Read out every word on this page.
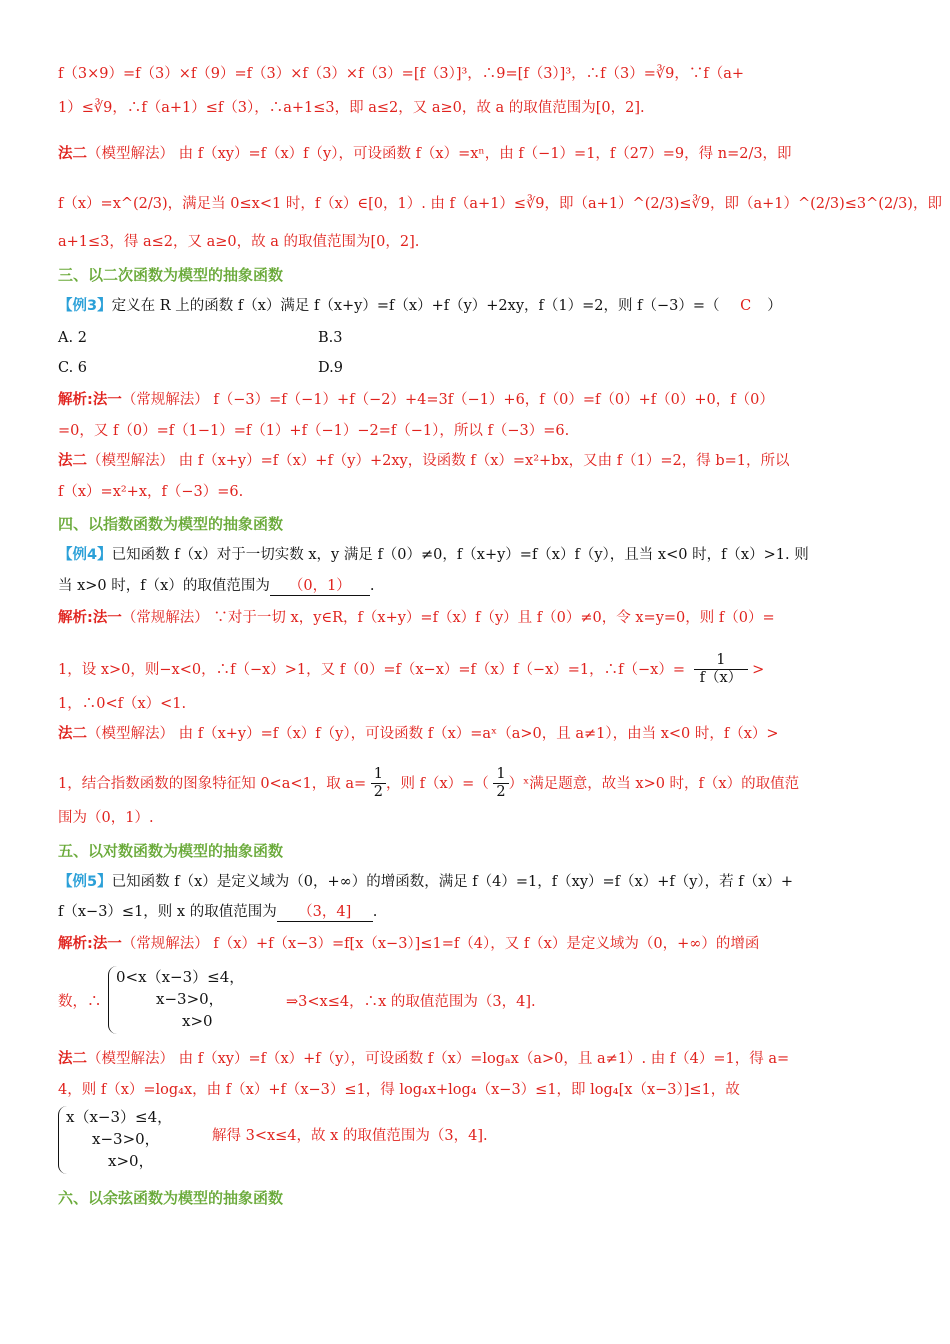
f（3×9）=f（3）×f（9）=f（3）×f（3）×f（3）=[f（3）]³，∴9=[f（3）]³，∴f（3）=∛9，∵f（a+
1）≤∛9，∴f（a+1）≤f（3），∴a+1≤3，即 a≤2，又 a≥0，故 a 的取值范围为[0，2].
法二（模型解法） 由 f（xy）=f（x）f（y），可设函数 f（x）=xⁿ，由 f（−1）=1，f（27）=9，得 n=2/3，即
f（x）=x^(2/3)，满足当 0≤x<1 时，f（x）∈[0，1）. 由 f（a+1）≤∛9，即（a+1）^(2/3)≤∛9，即（a+1）^(2/3)≤3^(2/3)，即
a+1≤3，得 a≤2，又 a≥0，故 a 的取值范围为[0，2].
三、以二次函数为模型的抽象函数
【例3】定义在 R 上的函数 f（x）满足 f（x+y）=f（x）+f（y）+2xy，f（1）=2，则 f（−3）=（ C ）
A. 2	B.3
C. 6	D.9
解析:法一（常规解法） f（−3）=f（−1）+f（−2）+4=3f（−1）+6，f（0）=f（0）+f（0）+0，f（0）
=0，又 f（0）=f（1−1）=f（1）+f（−1）−2=f（−1），所以 f（−3）=6.
法二（模型解法） 由 f（x+y）=f（x）+f（y）+2xy，设函数 f（x）=x²+bx，又由 f（1）=2，得 b=1，所以
f（x）=x²+x，f（−3）=6.
四、以指数函数为模型的抽象函数
【例4】已知函数 f（x）对于一切实数 x，y 满足 f（0）≠0，f（x+y）=f（x）f（y），且当 x<0 时，f（x）>1. 则
当 x>0 时，f（x）的取值范围为 （0，1） .
解析:法一（常规解法） ∵对于一切 x，y∈R，f（x+y）=f（x）f（y）且 f（0）≠0，令 x=y=0，则 f（0）=
1，设 x>0，则−x<0，∴f（−x）>1，又 f（0）=f（x−x）=f（x）f（−x）=1，∴f（−x）= $\frac{1}{f(x)}$ >
1，∴0<f（x）<1.
法二（模型解法） 由 f（x+y）=f（x）f（y），可设函数 f（x）=aˣ（a>0，且 a≠1），由当 x<0 时，f（x）>
1，结合指数函数的图象特征知 0<a<1，取 $a= \frac{1}{2}$ ，则 $f(x)=( \frac{1}{2}$ ）ˣ满足题意，故当 x>0 时，f（x）的取值范
围为（0，1）.
五、以对数函数为模型的抽象函数
【例5】已知函数 f（x）是定义域为（0，+∞）的增函数，满足 f（4）=1，f（xy）=f（x）+f（y），若 f（x）+
f（x−3）≤1，则 x 的取值范围为 （3，4] .
解析:法一（常规解法） f（x）+f（x−3）=f[x（x−3）]≤1=f（4），又 f（x）是定义域为（0，+∞）的增函
数，∴
0<x（x−3）≤4，
x−3>0，
x>0
⇒3<x≤4，∴x 的取值范围为（3，4].
法二（模型解法） 由 f（xy）=f（x）+f（y），可设函数 f（x）=logₐx（a>0，且 a≠1）. 由 f（4）=1，得 a=
4，则 f（x）=log₄x，由 f（x）+f（x−3）≤1，得 log₄x+log₄（x−3）≤1，即 log₄[x（x−3）]≤1，故
x（x−3）≤4，
x−3>0，
x>0，
解得 3<x≤4，故 x 的取值范围为（3，4].
六、以余弦函数为模型的抽象函数
